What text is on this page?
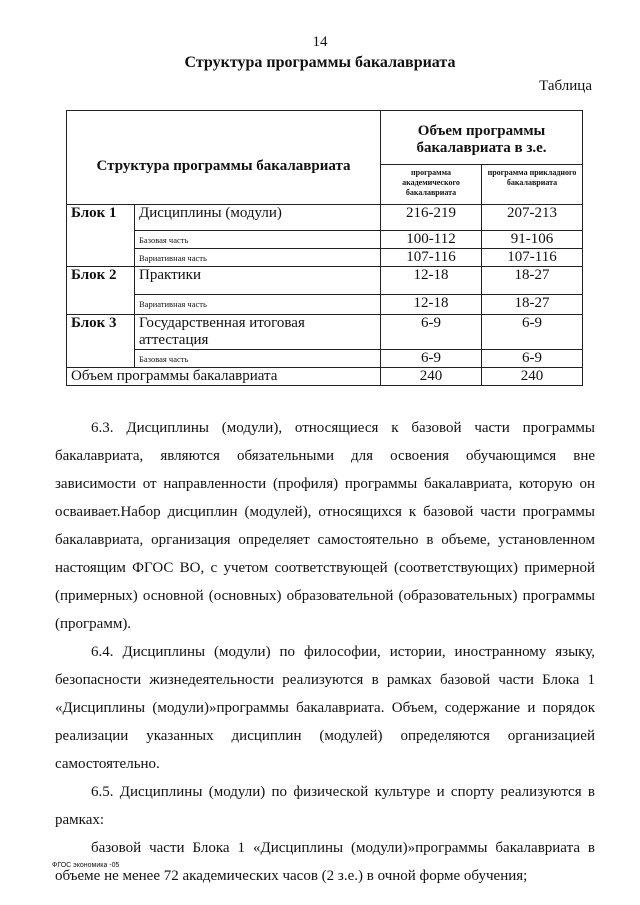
14
Структура программы бакалавриата
Таблица
Структура программы бакалавриата		Объем программы бакалавриата в з.е.	
		программа академического бакалавриата	программа прикладного бакалавриата
Блок 1	Дисциплины (модули)	216-219	207-213
	Базовая часть	100-112	91-106
	Вариативная часть	107-116	107-116
Блок 2	Практики	12-18	18-27
	Вариативная часть	12-18	18-27
Блок 3	Государственная итоговая аттестация	6-9	6-9
	Базовая часть	6-9	6-9
Объем программы бакалавриата		240	240

6.3. Дисциплины (модули), относящиеся к базовой части программы бакалавриата, являются обязательными для освоения обучающимся вне зависимости от направленности (профиля) программы бакалавриата, которую он осваивает.Набор дисциплин (модулей), относящихся к базовой части программы бакалавриата, организация определяет самостоятельно в объеме, установленном настоящим ФГОС ВО, с учетом соответствующей (соответствующих) примерной (примерных) основной (основных) образовательной (образовательных) программы (программ).

6.4. Дисциплины (модули) по философии, истории, иностранному языку, безопасности жизнедеятельности реализуются в рамках базовой части Блока 1 «Дисциплины (модули)»программы бакалавриата. Объем, содержание и порядок реализации указанных дисциплин (модулей) определяются организацией самостоятельно.

6.5. Дисциплины (модули) по физической культуре и спорту реализуются в рамках:

базовой части Блока 1 «Дисциплины (модули)»программы бакалавриата в объеме не менее 72 академических часов (2 з.е.) в очной форме обучения;

ФГОС экономика -05
